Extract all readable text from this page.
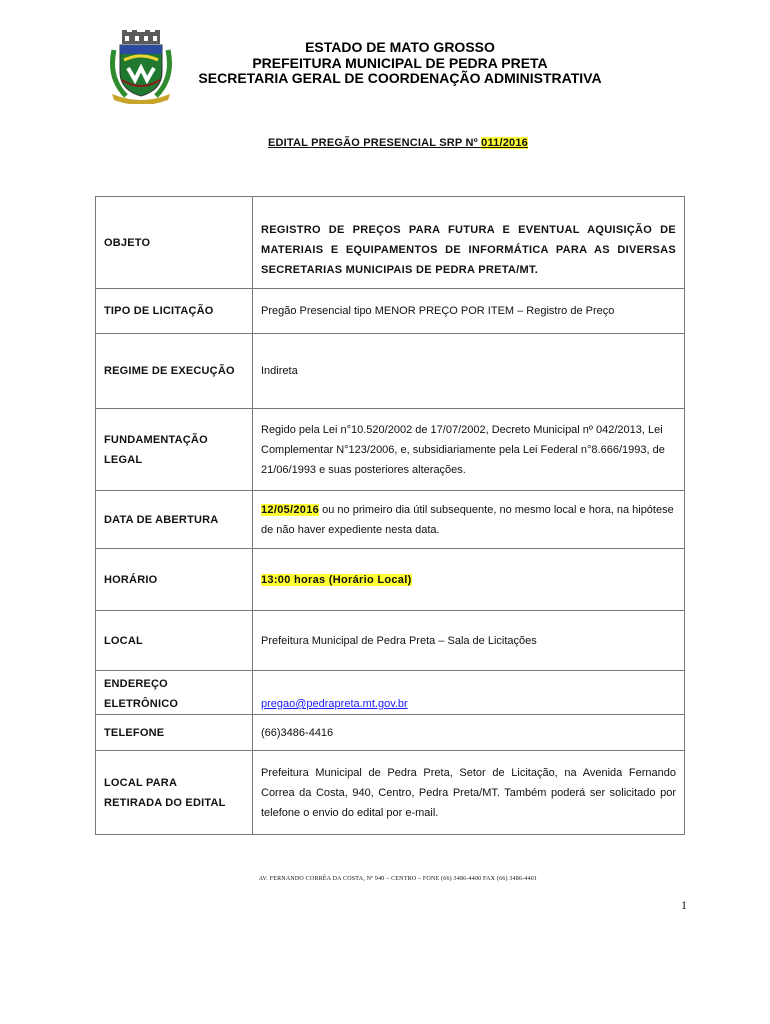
ESTADO DE MATO GROSSO
PREFEITURA MUNICIPAL DE PEDRA PRETA
SECRETARIA GERAL DE COORDENAÇÃO ADMINISTRATIVA
EDITAL PREGÃO PRESENCIAL SRP Nº 011/2016
OBJETO	REGISTRO DE PREÇOS PARA FUTURA E EVENTUAL AQUISIÇÃO DE MATERIAIS E EQUIPAMENTOS DE INFORMÁTICA PARA AS DIVERSAS SECRETARIAS MUNICIPAIS DE PEDRA PRETA/MT.
TIPO DE LICITAÇÃO	Pregão Presencial tipo MENOR PREÇO POR ITEM – Registro de Preço
REGIME DE EXECUÇÃO	Indireta
FUNDAMENTAÇÃO LEGAL	Regido pela Lei n°10.520/2002 de 17/07/2002, Decreto Municipal nº 042/2013, Lei Complementar N°123/2006, e, subsidiariamente pela Lei Federal n°8.666/1993, de 21/06/1993 e suas posteriores alterações.
DATA DE ABERTURA	12/05/2016 ou no primeiro dia útil subsequente, no mesmo local e hora, na hipótese de não haver expediente nesta data.
HORÁRIO	13:00 horas (Horário Local)
LOCAL	Prefeitura Municipal de Pedra Preta – Sala de Licitações

ENDEREÇO
ELETRÔNICO	pregao@pedrapreta.mt.gov.br
TELEFONE	(66)3486-4416

LOCAL PARA
RETIRADA DO EDITAL	Prefeitura Municipal de Pedra Preta, Setor de Licitação, na Avenida Fernando Correa da Costa, 940, Centro, Pedra Preta/MT. Também poderá ser solicitado por telefone o envio do edital por e-mail.
AV. FERNANDO CORRÊA DA COSTA, Nº 940 – CENTRO – FONE (66) 3486-4400 FAX (66) 3486-4401
1
